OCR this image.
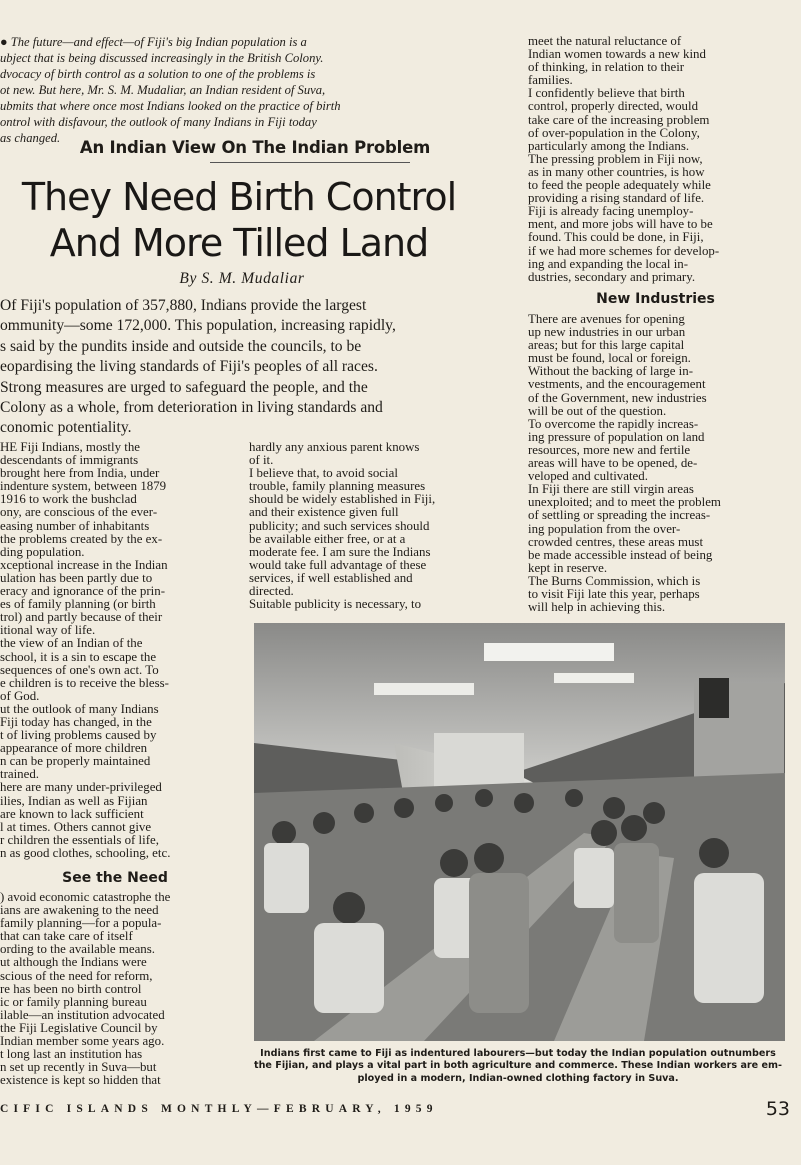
● The future—and effect—of Fiji's big Indian population is a
ubject that is being discussed increasingly in the British Colony.
dvocacy of birth control as a solution to one of the problems is
ot new. But here, Mr. S. M. Mudaliar, an Indian resident of Suva,
ubmits that where once most Indians looked on the practice of birth
ontrol with disfavour, the outlook of many Indians in Fiji today
as changed.	An Indian View On The Indian Problem
They Need Birth Control
And More Tilled Land
By S. M. Mudaliar
Of Fiji's population of 357,880, Indians provide the largest
ommunity—some 172,000. This population, increasing rapidly,
s said by the pundits inside and outside the councils, to be
eopardising the living standards of Fiji's peoples of all races.
Strong measures are urged to safeguard the people, and the
Colony as a whole, from deterioration in living standards and
conomic potentiality.
HE Fiji Indians, mostly the
descendants of immigrants
brought here from India, under
indenture system, between 1879
1916 to work the bushclad
ony, are conscious of the ever-
easing number of inhabitants
the problems created by the ex-
ding population.
xceptional increase in the Indian
ulation has been partly due to
eracy and ignorance of the prin-
es of family planning (or birth
trol) and partly because of their
itional way of life.
the view of an Indian of the
school, it is a sin to escape the
sequences of one's own act. To
e children is to receive the bless-
of God.
ut the outlook of many Indians
Fiji today has changed, in the
t of living problems caused by
appearance of more children
n can be properly maintained
trained.
here are many under-privileged
ilies, Indian as well as Fijian
are known to lack sufficient
l at times. Others cannot give
r children the essentials of life,
n as good clothes, schooling, etc.
See the Need
) avoid economic catastrophe the
ians are awakening to the need
family planning—for a popula-
that can take care of itself
ording to the available means.
ut although the Indians were
scious of the need for reform,
re has been no birth control
ic or family planning bureau
ilable—an institution advocated
the Fiji Legislative Council by
Indian member some years ago.
t long last an institution has
n set up recently in Suva—but
existence is kept so hidden that
hardly any anxious parent knows
of it.
I believe that, to avoid social
trouble, family planning measures
should be widely established in Fiji,
and their existence given full
publicity; and such services should
be available either free, or at a
moderate fee. I am sure the Indians
would take full advantage of these
services, if well established and
directed.
Suitable publicity is necessary, to
meet the natural reluctance of
Indian women towards a new kind
of thinking, in relation to their
families.
I confidently believe that birth
control, properly directed, would
take care of the increasing problem
of over-population in the Colony,
particularly among the Indians.
The pressing problem in Fiji now,
as in many other countries, is how
to feed the people adequately while
providing a rising standard of life.
Fiji is already facing unemploy-
ment, and more jobs will have to be
found. This could be done, in Fiji,
if we had more schemes for develop-
ing and expanding the local in-
dustries, secondary and primary.
New Industries
There are avenues for opening
up new industries in our urban
areas; but for this large capital
must be found, local or foreign.
Without the backing of large in-
vestments, and the encouragement
of the Government, new industries
will be out of the question.
To overcome the rapidly increas-
ing pressure of population on land
resources, more new and fertile
areas will have to be opened, de-
veloped and cultivated.
In Fiji there are still virgin areas
unexploited; and to meet the problem
of settling or spreading the increas-
ing population from the over-
crowded centres, these areas must
be made accessible instead of being
kept in reserve.
The Burns Commission, which is
to visit Fiji late this year, perhaps
will help in achieving this.
Indians first came to Fiji as indentured labourers—but today the Indian population outnumbers
the Fijian, and plays a vital part in both agriculture and commerce. These Indian workers are em-
ployed in a modern, Indian-owned clothing factory in Suva.
CIFIC ISLANDS MONTHLY—FEBRUARY, 1959	53
